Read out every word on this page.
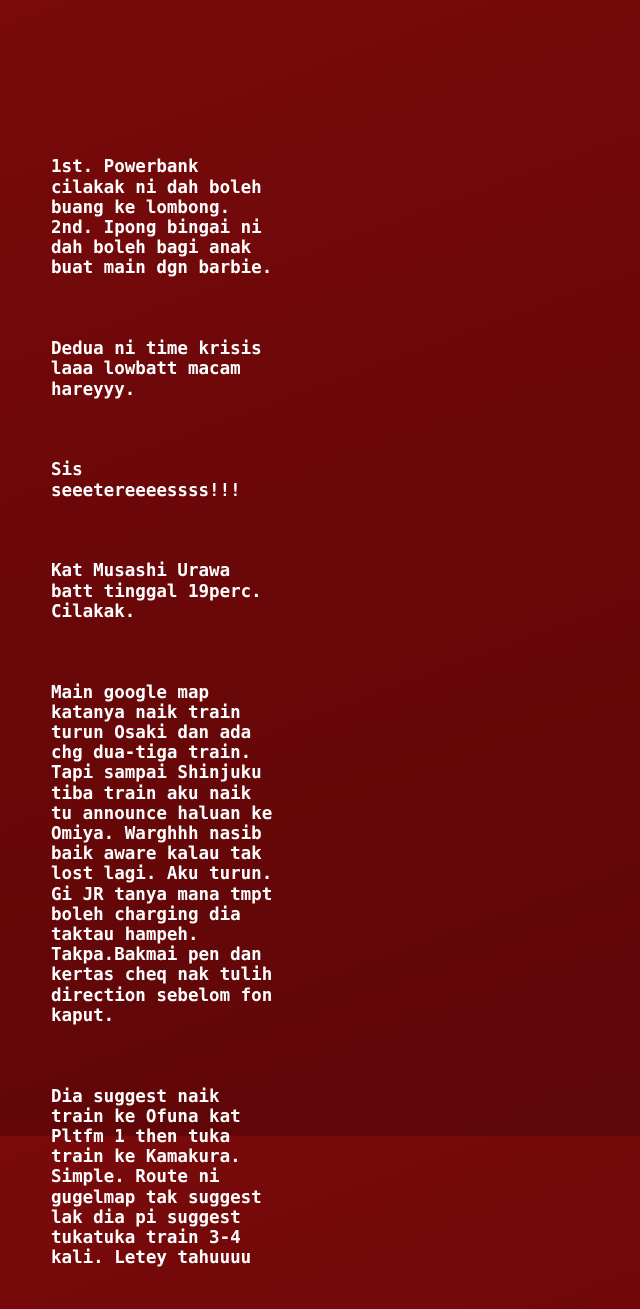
1st. Powerbank
cilakak ni dah boleh
buang ke lombong.
2nd. Ipong bingai ni
dah boleh bagi anak
buat main dgn barbie.

Dedua ni time krisis
laaa lowbatt macam
hareyyy.

Sis
seeetereeeessss!!!

Kat Musashi Urawa
batt tinggal 19perc.
Cilakak.

Main google map
katanya naik train
turun Osaki dan ada
chg dua-tiga train.
Tapi sampai Shinjuku
tiba train aku naik
tu announce haluan ke
Omiya. Warghhh nasib
baik aware kalau tak
lost lagi. Aku turun.
Gi JR tanya mana tmpt
boleh charging dia
taktau hampeh.
Takpa.Bakmai pen dan
kertas cheq nak tulih
direction sebelom fon
kaput.

Dia suggest naik
train ke Ofuna kat
Pltfm 1 then tuka
train ke Kamakura.
Simple. Route ni
gugelmap tak suggest
lak dia pi suggest
tukatuka train 3-4
kali. Letey tahuuuu
